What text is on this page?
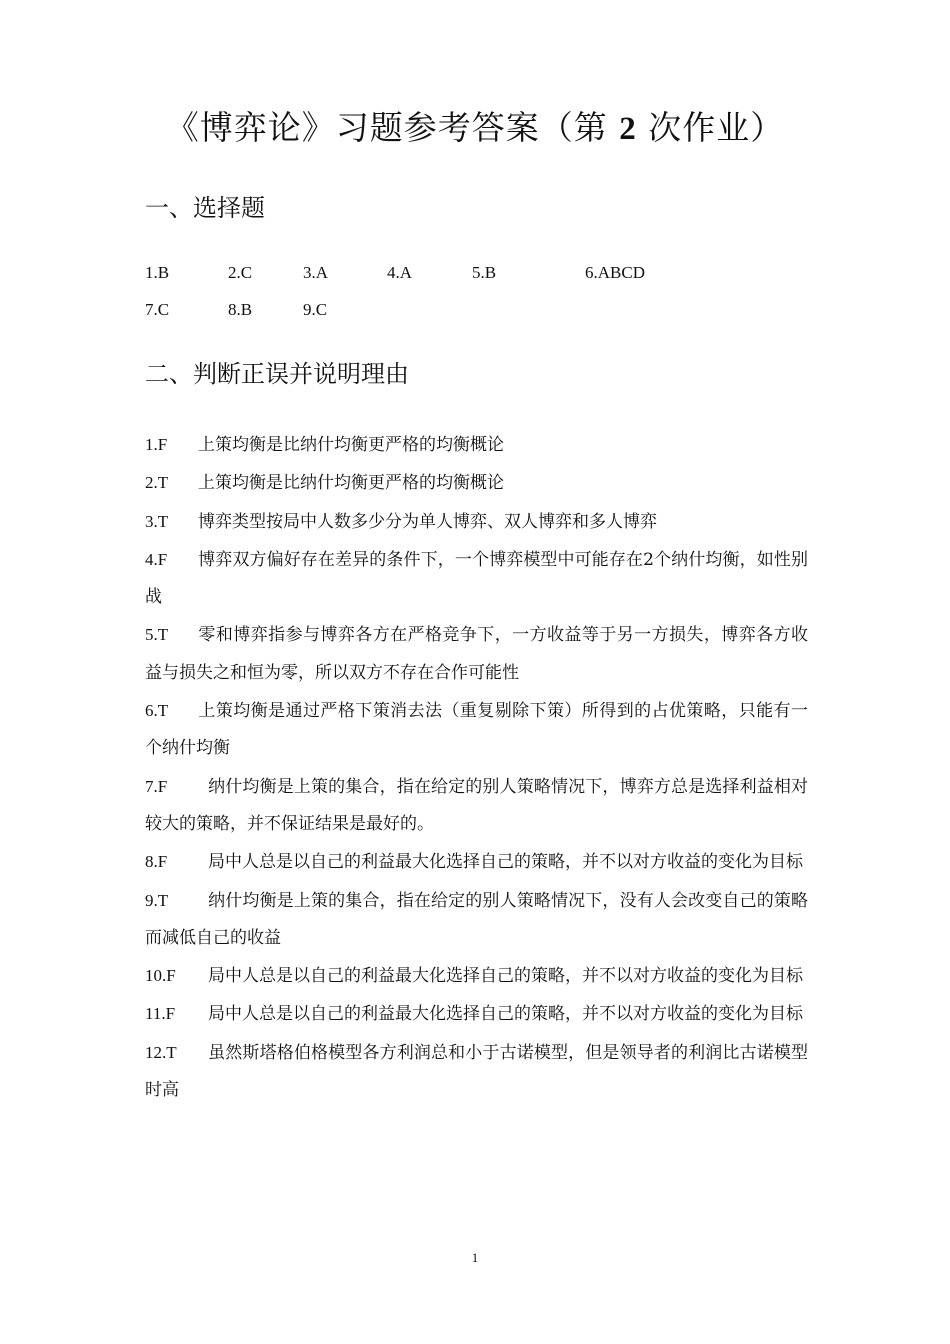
《博弈论》习题参考答案（第 2 次作业）
一、选择题
1.B	2.C	3.A	4.A	5.B	6.ABCD
7.C	8.B	9.C
二、判断正误并说明理由
1.F 上策均衡是比纳什均衡更严格的均衡概论
2.T 上策均衡是比纳什均衡更严格的均衡概论
3.T 博弈类型按局中人数多少分为单人博弈、双人博弈和多人博弈
4.F 博弈双方偏好存在差异的条件下，一个博弈模型中可能存在2个纳什均衡，如性别战
5.T 零和博弈指参与博弈各方在严格竞争下，一方收益等于另一方损失，博弈各方收益与损失之和恒为零，所以双方不存在合作可能性
6.T 上策均衡是通过严格下策消去法（重复剔除下策）所得到的占优策略，只能有一个纳什均衡
7.F 纳什均衡是上策的集合，指在给定的别人策略情况下，博弈方总是选择利益相对较大的策略，并不保证结果是最好的。
8.F 局中人总是以自己的利益最大化选择自己的策略，并不以对方收益的变化为目标
9.T 纳什均衡是上策的集合，指在给定的别人策略情况下，没有人会改变自己的策略而减低自己的收益
10.F 局中人总是以自己的利益最大化选择自己的策略，并不以对方收益的变化为目标
11.F 局中人总是以自己的利益最大化选择自己的策略，并不以对方收益的变化为目标
12.T 虽然斯塔格伯格模型各方利润总和小于古诺模型，但是领导者的利润比古诺模型时高
1
